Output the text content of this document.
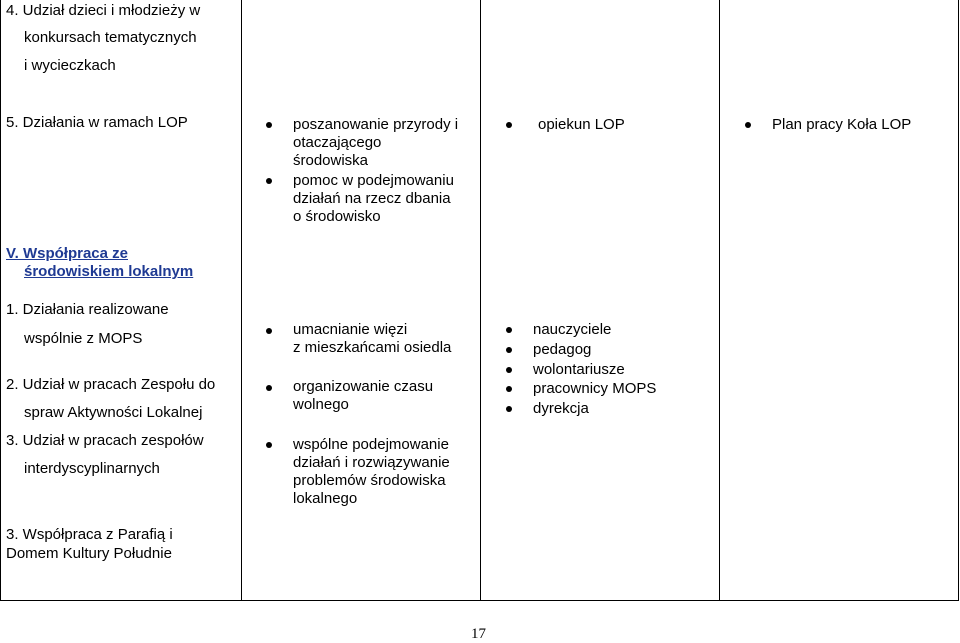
4. Udział dzieci i młodzieży w
konkursach tematycznych
i wycieczkach
5. Działania w ramach LOP
V. Współpraca ze
środowiskiem lokalnym
1. Działania realizowane
wspólnie z MOPS
2. Udział w pracach Zespołu do
spraw Aktywności Lokalnej
3. Udział w pracach zespołów
interdyscyplinarnych
3. Współpraca z Parafią i
Domem Kultury Południe
poszanowanie przyrody i
otaczającego
środowiska
pomoc w podejmowaniu
działań na rzecz dbania
o środowisko
umacnianie więzi
z mieszkańcami osiedla
organizowanie czasu
wolnego
wspólne podejmowanie
działań i rozwiązywanie
problemów środowiska
lokalnego
opiekun LOP
nauczyciele
pedagog
wolontariusze
pracownicy MOPS
dyrekcja
Plan pracy Koła LOP
17
